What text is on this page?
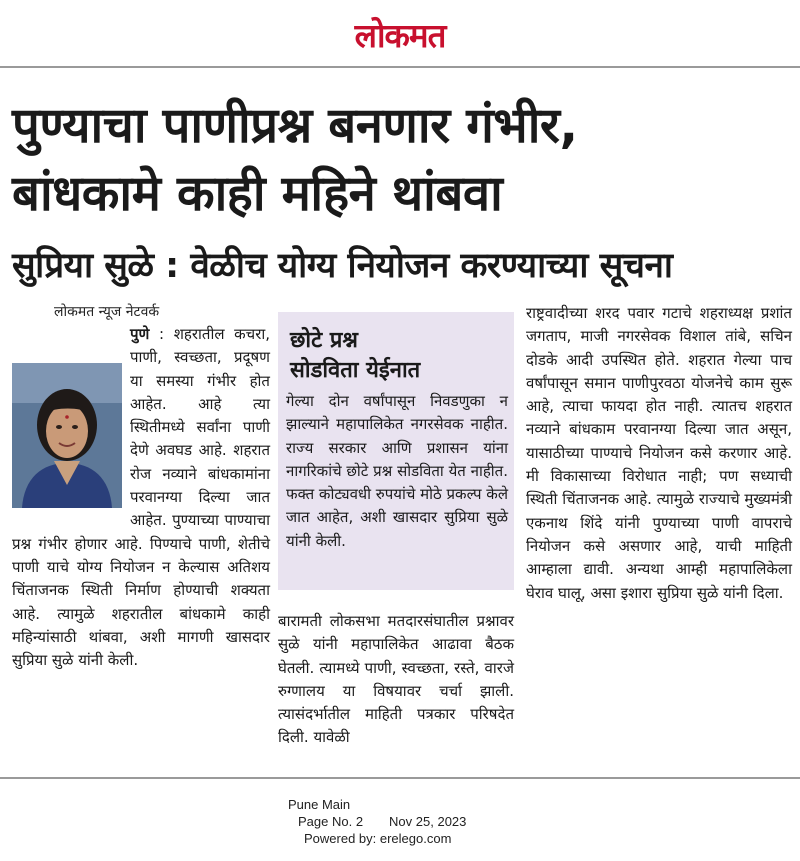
लोकमत
पुण्याचा पाणीप्रश्न बनणार गंभीर,
बांधकामे काही महिने थांबवा
सुप्रिया सुळे : वेळीच योग्य नियोजन करण्याच्या सूचना
लोकमत न्यूज नेटवर्क
पुणे : शहरातील कचरा, पाणी, स्वच्छता, प्रदूषण या समस्या गंभीर होत आहेत. आहे त्या स्थितीमध्ये सर्वांना पाणी देणे अवघड आहे. शहरात रोज नव्याने बांधकामांना परवानग्या दिल्या जात आहेत. पुण्याच्या पाण्याचा प्रश्न गंभीर होणार आहे. पिण्याचे पाणी, शेतीचे पाणी याचे योग्य नियोजन न केल्यास अतिशय चिंताजनक स्थिती निर्माण होण्याची शक्यता आहे. त्यामुळे शहरातील बांधकामे काही महिन्यांसाठी थांबवा, अशी मागणी खासदार सुप्रिया सुळे यांनी केली.
छोटे प्रश्न
सोडविता येईनात
गेल्या दोन वर्षांपासून निवडणुका न झाल्याने महापालिकेत नगरसेवक नाहीत. राज्य सरकार आणि प्रशासन यांना नागरिकांचे छोटे प्रश्न सोडविता येत नाहीत. फक्त कोट्यवधी रुपयांचे मोठे प्रकल्प केले जात आहेत, अशी खासदार सुप्रिया सुळे यांनी केली.
बारामती लोकसभा मतदारसंघातील प्रश्नावर सुळे यांनी महापालिकेत आढावा बैठक घेतली. त्यामध्ये पाणी, स्वच्छता, रस्ते, वारजे रुग्णालय या विषयावर चर्चा झाली. त्यासंदर्भातील माहिती पत्रकार परिषदेत दिली. यावेळी
राष्ट्रवादीच्या शरद पवार गटाचे शहराध्यक्ष प्रशांत जगताप, माजी नगरसेवक विशाल तांबे, सचिन दोडके आदी उपस्थित होते. शहरात गेल्या पाच वर्षांपासून समान पाणीपुरवठा योजनेचे काम सुरू आहे, त्याचा फायदा होत नाही. त्यातच शहरात नव्याने बांधकाम परवानग्या दिल्या जात असून, यासाठीच्या पाण्याचे नियोजन कसे करणार आहे. मी विकासाच्या विरोधात नाही; पण सध्याची स्थिती चिंताजनक आहे. त्यामुळे राज्याचे मुख्यमंत्री एकनाथ शिंदे यांनी पुण्याच्या पाणी वापराचे नियोजन कसे असणार आहे, याची माहिती आम्हाला द्यावी. अन्यथा आम्ही महापालिकेला घेराव घालू, असा इशारा सुप्रिया सुळे यांनी दिला.
Pune Main
Page No. 2 Nov 25, 2023
Powered by: erelego.com
